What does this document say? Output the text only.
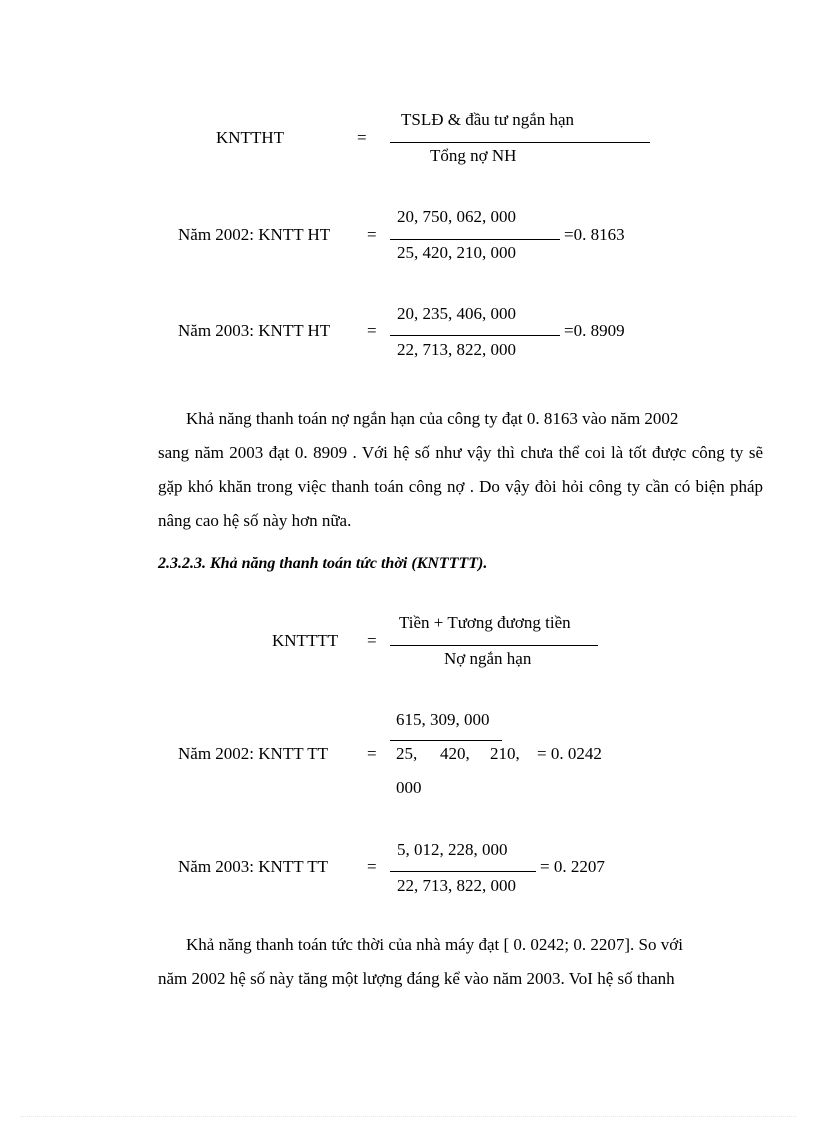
KNTTHT	=
TSLĐ & đầu tư ngắn hạn
Tổng nợ NH
Năm 2002: KNTT HT =
20, 750, 062, 000
25, 420, 210, 000
=0. 8163
Năm 2003: KNTT HT =
20, 235, 406, 000
22, 713, 822, 000
=0. 8909
Khả năng thanh toán nợ ngắn hạn của công ty đạt 0. 8163 vào năm 2002
sang năm 2003 đạt 0. 8909 . Với hệ số như vậy thì chưa thể coi là tốt được công ty sẽ gặp khó khăn trong việc thanh toán công nợ . Do vậy đòi hỏi công ty cần có biện pháp nâng cao hệ số này hơn nữa.
2.3.2.3. Khả năng thanh toán tức thời (KNTTTT).
KNTTTT =
Tiền + Tương đương tiền
Nợ ngắn hạn
615, 309, 000
Năm 2002: KNTT TT = 25, 420, 210, = 0. 0242
000
Năm 2003: KNTT TT =
5, 012, 228, 000
22, 713, 822, 000
= 0. 2207
Khả năng thanh toán tức thời của nhà máy đạt [ 0. 0242; 0. 2207]. So với
năm 2002 hệ số này tăng một lượng đáng kể vào năm 2003. VoI hệ số thanh
